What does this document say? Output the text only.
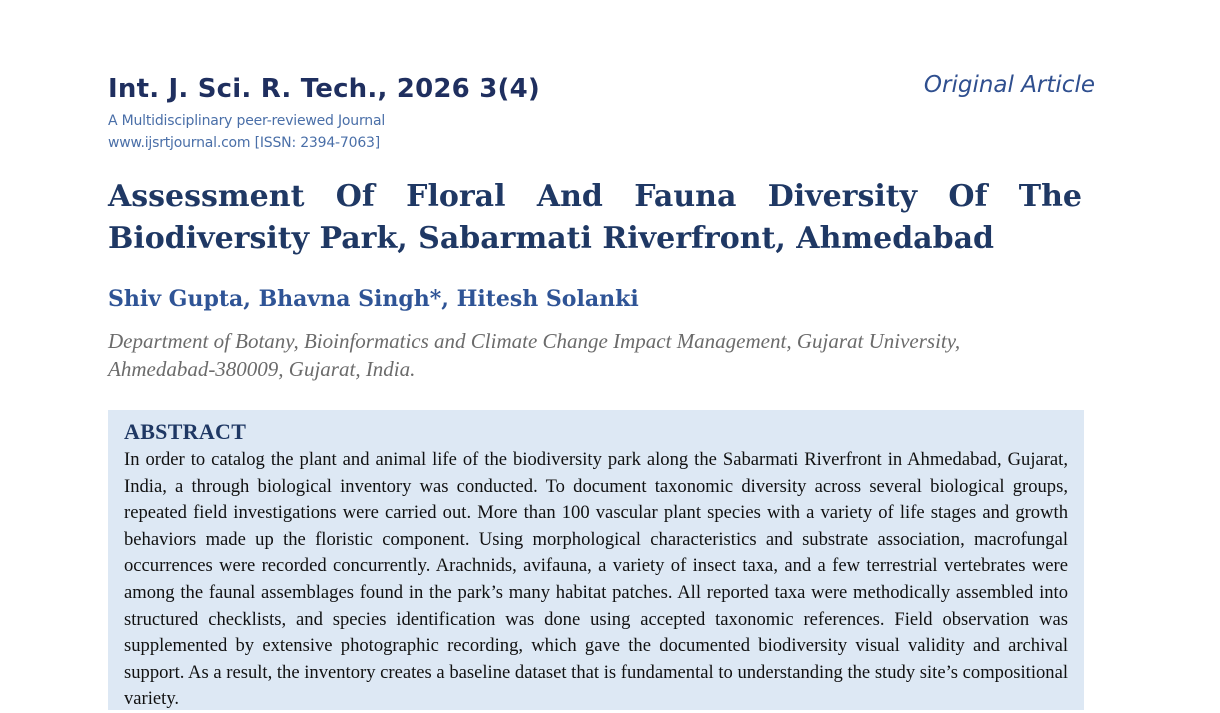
Int. J. Sci. R. Tech., 2026 3(4)
A Multidisciplinary peer-reviewed Journal
www.ijsrtjournal.com [ISSN: 2394-7063]
Original Article
Assessment Of Floral And Fauna Diversity Of The
Biodiversity Park, Sabarmati Riverfront, Ahmedabad
Shiv Gupta, Bhavna Singh*, Hitesh Solanki
Department of Botany, Bioinformatics and Climate Change Impact Management, Gujarat University, Ahmedabad-380009, Gujarat, India.
ABSTRACT

In order to catalog the plant and animal life of the biodiversity park along the Sabarmati Riverfront in Ahmedabad, Gujarat, India, a through biological inventory was conducted. To document taxonomic diversity across several biological groups, repeated field investigations were carried out. More than 100 vascular plant species with a variety of life stages and growth behaviors made up the floristic component. Using morphological characteristics and substrate association, macrofungal occurrences were recorded concurrently. Arachnids, avifauna, a variety of insect taxa, and a few terrestrial vertebrates were among the faunal assemblages found in the park’s many habitat patches. All reported taxa were methodically assembled into structured checklists, and species identification was done using accepted taxonomic references. Field observation was supplemented by extensive photographic recording, which gave the documented biodiversity visual validity and archival support. As a result, the inventory creates a baseline dataset that is fundamental to understanding the study site’s compositional variety.
